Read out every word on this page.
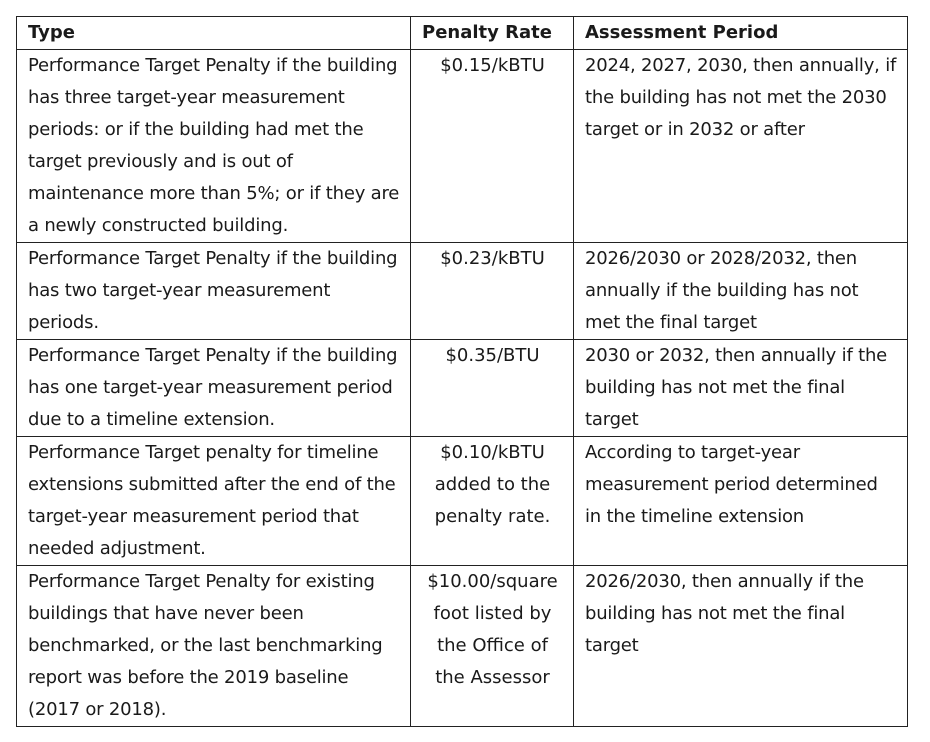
Type	Penalty Rate	Assessment Period
Performance Target Penalty if the building has three target-year measurement periods: or if the building had met the target previously and is out of maintenance more than 5%; or if they are a newly constructed building.	$0.15/kBTU	2024, 2027, 2030, then annually, if the building has not met the 2030 target or in 2032 or after
Performance Target Penalty if the building has two target-year measurement periods.	$0.23/kBTU	2026/2030 or 2028/2032, then annually if the building has not met the final target
Performance Target Penalty if the building has one target-year measurement period due to a timeline extension.	$0.35/BTU	2030 or 2032, then annually if the building has not met the final target
Performance Target penalty for timeline extensions submitted after the end of the target-year measurement period that needed adjustment.	$0.10/kBTU added to the penalty rate.	According to target-year measurement period determined in the timeline extension
Performance Target Penalty for existing buildings that have never been benchmarked, or the last benchmarking report was before the 2019 baseline (2017 or 2018).	$10.00/square foot listed by the Office of the Assessor	2026/2030, then annually if the building has not met the final target
